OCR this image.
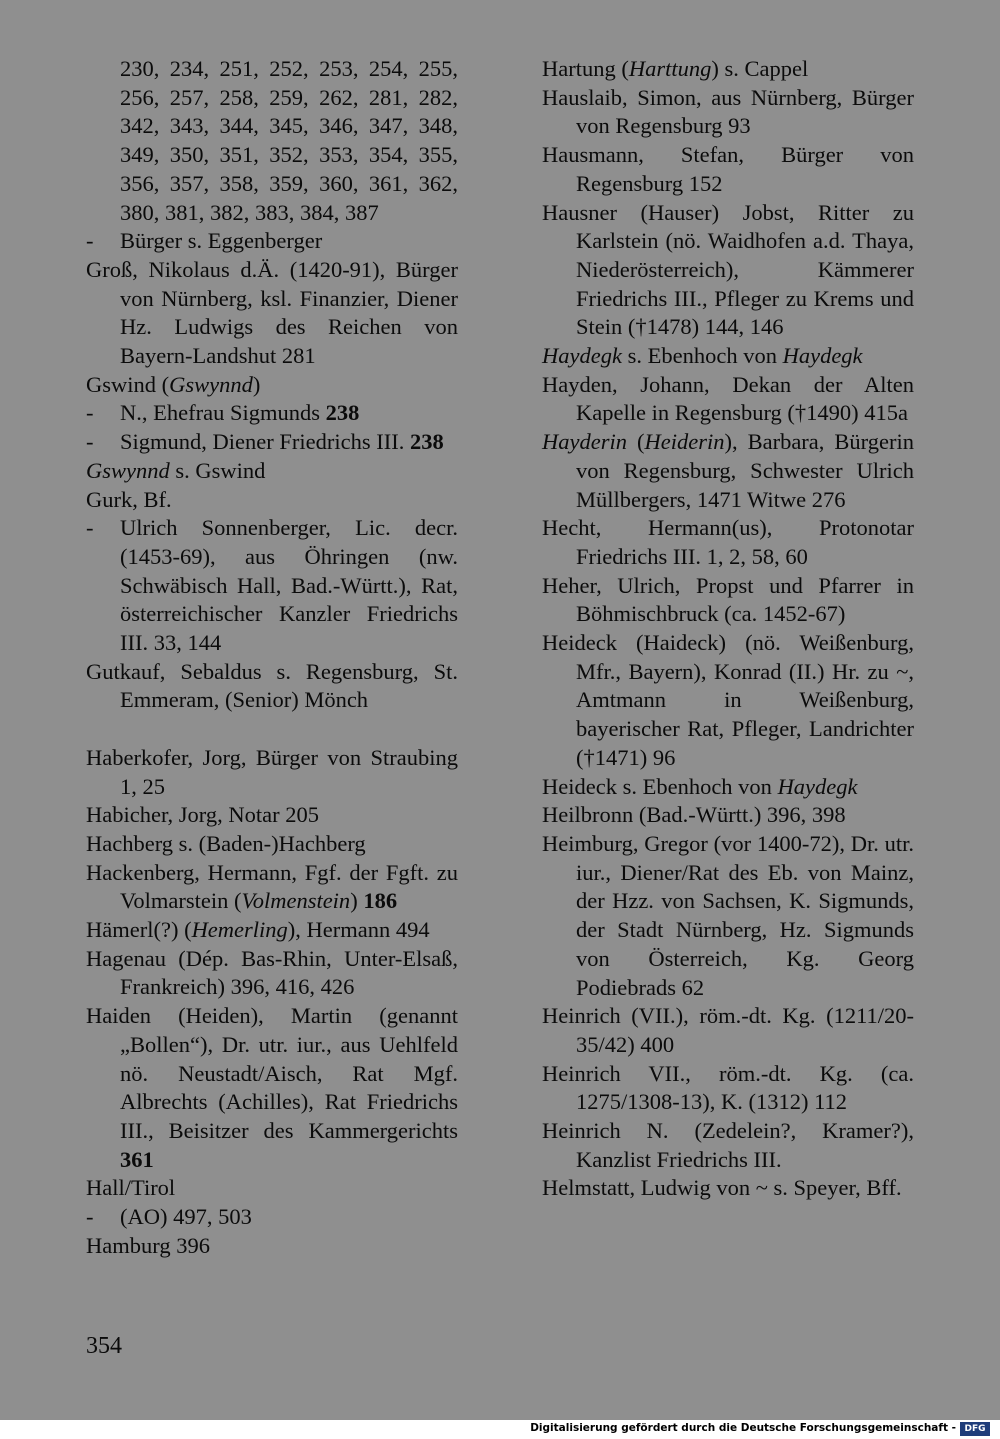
230, 234, 251, 252, 253, 254, 255, 256, 257, 258, 259, 262, 281, 282, 342, 343, 344, 345, 346, 347, 348, 349, 350, 351, 352, 353, 354, 355, 356, 357, 358, 359, 360, 361, 362, 380, 381, 382, 383, 384, 387

- Bürger s. Eggenberger

Groß, Nikolaus d.Ä. (1420-91), Bürger von Nürnberg, ksl. Finanzier, Diener Hz. Ludwigs des Reichen von Bayern-Landshut 281

Gswind (Gswynnd)

- N., Ehefrau Sigmunds 238

- Sigmund, Diener Friedrichs III. 238

Gswynnd s. Gswind

Gurk, Bf.

- Ulrich Sonnenberger, Lic. decr. (1453-69), aus Öhringen (nw. Schwäbisch Hall, Bad.-Württ.), Rat, österreichischer Kanzler Friedrichs III. 33, 144

Gutkauf, Sebaldus s. Regensburg, St. Emmeram, (Senior) Mönch

Haberkofer, Jorg, Bürger von Straubing 1, 25

Habicher, Jorg, Notar 205

Hachberg s. (Baden-)Hachberg

Hackenberg, Hermann, Fgf. der Fgft. zu Volmarstein (Volmenstein) 186

Hämerl(?) (Hemerling), Hermann 494

Hagenau (Dép. Bas-Rhin, Unter-Elsaß, Frankreich) 396, 416, 426

Haiden (Heiden), Martin (genannt „Bollen“), Dr. utr. iur., aus Uehlfeld nö. Neustadt/Aisch, Rat Mgf. Albrechts (Achilles), Rat Friedrichs III., Beisitzer des Kammergerichts 361

Hall/Tirol

- (AO) 497, 503

Hamburg 396

Hartung (Harttung) s. Cappel

Hauslaib, Simon, aus Nürnberg, Bürger von Regensburg 93

Hausmann, Stefan, Bürger von Regensburg 152

Hausner (Hauser) Jobst, Ritter zu Karlstein (nö. Waidhofen a.d. Thaya, Niederösterreich), Kämmerer Friedrichs III., Pfleger zu Krems und Stein (†1478) 144, 146

Haydegk s. Ebenhoch von Haydegk

Hayden, Johann, Dekan der Alten Kapelle in Regensburg (†1490) 415a

Hayderin (Heiderin), Barbara, Bürgerin von Regensburg, Schwester Ulrich Müllbergers, 1471 Witwe 276

Hecht, Hermann(us), Protonotar Friedrichs III. 1, 2, 58, 60

Heher, Ulrich, Propst und Pfarrer in Böhmischbruck (ca. 1452-67)

Heideck (Haideck) (nö. Weißenburg, Mfr., Bayern), Konrad (II.) Hr. zu ~, Amtmann in Weißenburg, bayerischer Rat, Pfleger, Landrichter (†1471) 96

Heideck s. Ebenhoch von Haydegk

Heilbronn (Bad.-Württ.) 396, 398

Heimburg, Gregor (vor 1400-72), Dr. utr. iur., Diener/Rat des Eb. von Mainz, der Hzz. von Sachsen, K. Sigmunds, der Stadt Nürnberg, Hz. Sigmunds von Österreich, Kg. Georg Podiebrads 62

Heinrich (VII.), röm.-dt. Kg. (1211/20-35/42) 400

Heinrich VII., röm.-dt. Kg. (ca. 1275/1308-13), K. (1312) 112

Heinrich N. (Zedelein?, Kramer?), Kanzlist Friedrichs III.

Helmstatt, Ludwig von ~ s. Speyer, Bff.

354
Digitalisierung gefördert durch die Deutsche Forschungsgemeinschaft - DFG
